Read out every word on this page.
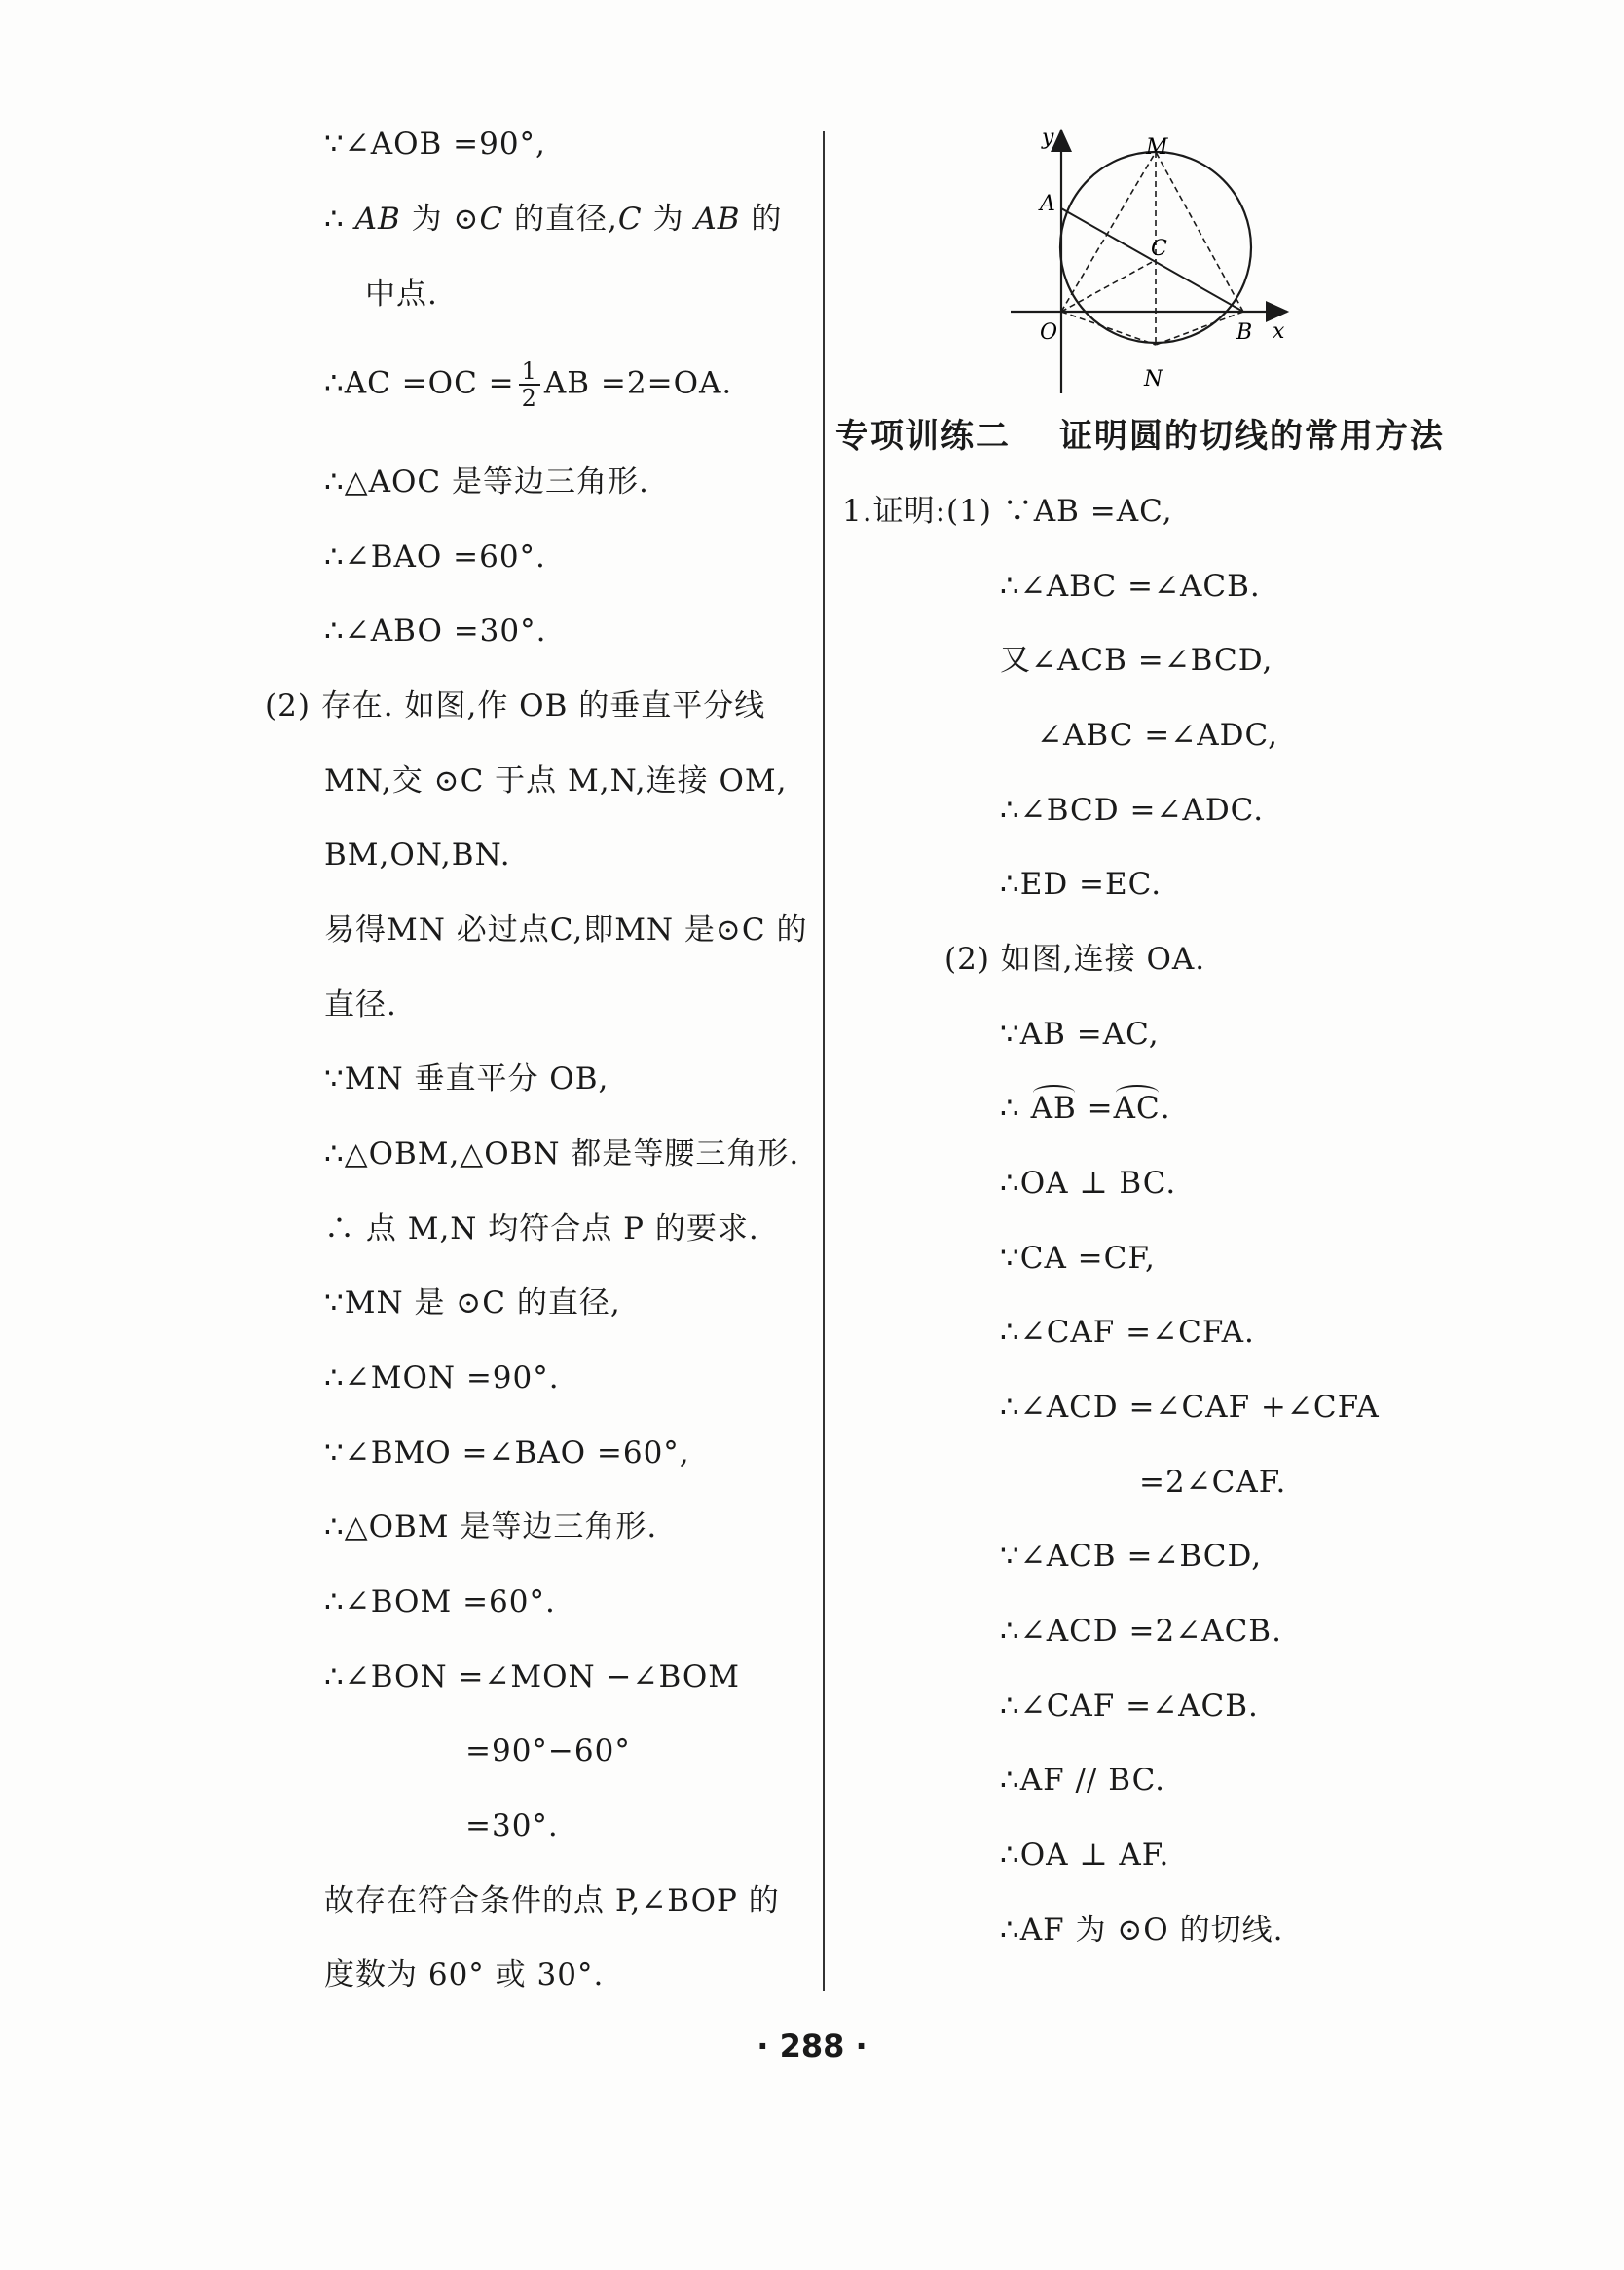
∵∠AOB =90°,
∴ AB 为 ⊙C 的直径,C 为 AB 的
中点.
∴AC $=OC = \frac{1}{2}$ AB =2=OA.
∴△AOC 是等边三角形.
∴∠BAO =60°.
∴∠ABO =30°.
(2) 存在. 如图,作 OB 的垂直平分线
MN,交 ⊙C 于点 M,N,连接 OM,
BM,ON,BN.
易得MN 必过点C,即MN 是⊙C 的
直径.
∵MN 垂直平分 OB,
∴△OBM,△OBN 都是等腰三角形.
∴ 点 M,N 均符合点 P 的要求.
∵MN 是 ⊙C 的直径,
∴∠MON =90°.
∵∠BMO =∠BAO =60°,
∴△OBM 是等边三角形.
∴∠BOM =60°.
∴∠BON =∠MON −∠BOM
=90°−60°
=30°.
故存在符合条件的点 P,∠BOP 的
度数为 60° 或 30°.
y	M
A
C
O	B x
N
专项训练二　 证明圆的切线的常用方法
1.证明:(1) ∵AB =AC,
∴∠ABC =∠ACB.
又∠ACB =∠BCD,
∠ABC =∠ADC,
∴∠BCD =∠ADC.
∴ED =EC.
(2) 如图,连接 OA.
∵AB =AC,
∴ AB =AC.
∴OA ⊥ BC.
∵CA =CF,
∴∠CAF =∠CFA.
∴∠ACD =∠CAF +∠CFA
=2∠CAF.
∵∠ACB =∠BCD,
∴∠ACD =2∠ACB.
∴∠CAF =∠ACB.
∴AF // BC.
∴OA ⊥ AF.
∴AF 为 ⊙O 的切线.
· 288 ·
